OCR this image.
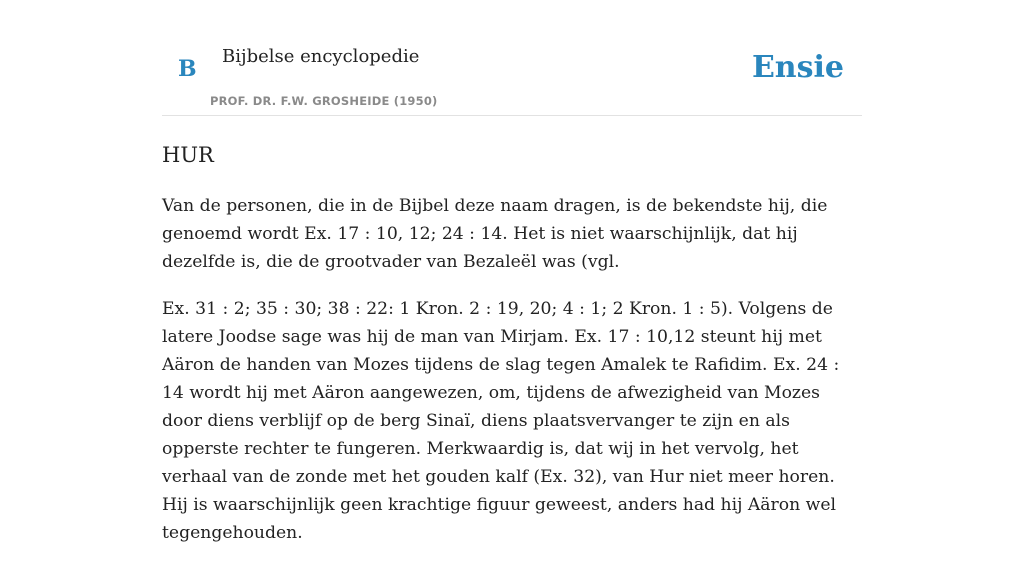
B Bijbelse encyclopedie
PROF. DR. F.W. GROSHEIDE (1950)
Ensie
HUR

Van de personen, die in de Bijbel deze naam dragen, is de bekendste hij, die genoemd wordt Ex. 17 : 10, 12; 24 : 14. Het is niet waarschijnlijk, dat hij dezelfde is, die de grootvader van Bezaleël was (vgl.

Ex. 31 : 2; 35 : 30; 38 : 22: 1 Kron. 2 : 19, 20; 4 : 1; 2 Kron. 1 : 5). Volgens de latere Joodse sage was hij de man van Mirjam. Ex. 17 : 10,12 steunt hij met Aäron de handen van Mozes tijdens de slag tegen Amalek te Rafidim. Ex. 24 : 14 wordt hij met Aäron aangewezen, om, tijdens de afwezigheid van Mozes door diens verblijf op de berg Sinaï, diens plaatsvervanger te zijn en als opperste rechter te fungeren. Merkwaardig is, dat wij in het vervolg, het verhaal van de zonde met het gouden kalf (Ex. 32), van Hur niet meer horen. Hij is waarschijnlijk geen krachtige figuur geweest, anders had hij Aäron wel tegengehouden.
